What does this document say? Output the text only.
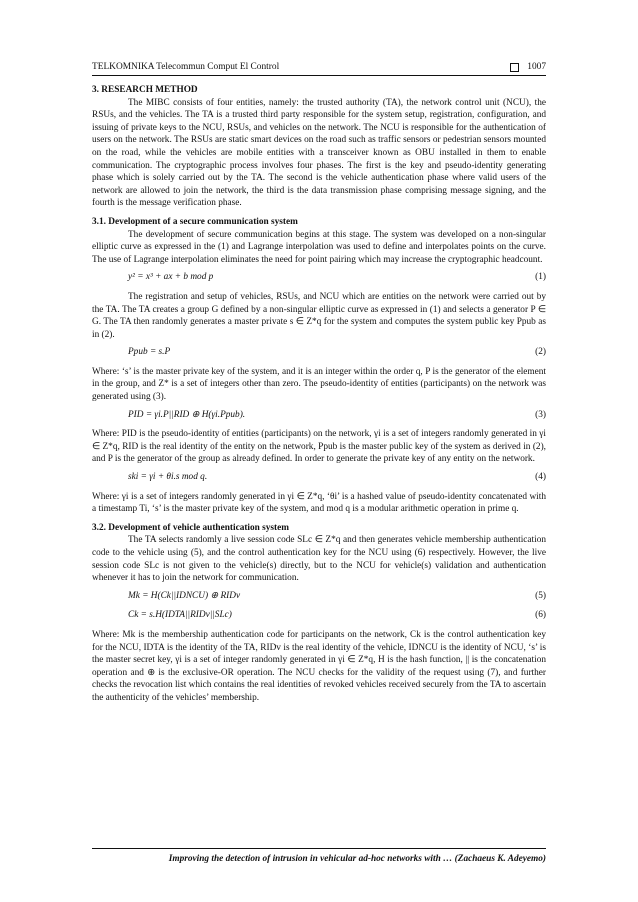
TELKOMNIKA Telecommun Comput El Control	1007

3. RESEARCH METHOD

The MIBC consists of four entities, namely: the trusted authority (TA), the network control unit (NCU), the RSUs, and the vehicles. The TA is a trusted third party responsible for the system setup, registration, configuration, and issuing of private keys to the NCU, RSUs, and vehicles on the network. The NCU is responsible for the authentication of users on the network. The RSUs are static smart devices on the road such as traffic sensors or pedestrian sensors mounted on the road, while the vehicles are mobile entities with a transceiver known as OBU installed in them to enable communication. The cryptographic process involves four phases. The first is the key and pseudo-identity generating phase which is solely carried out by the TA. The second is the vehicle authentication phase where valid users of the network are allowed to join the network, the third is the data transmission phase comprising message signing, and the fourth is the message verification phase.

3.1. Development of a secure communication system

The development of secure communication begins at this stage. The system was developed on a non-singular elliptic curve as expressed in the (1) and Lagrange interpolation was used to define and interpolates points on the curve. The use of Lagrange interpolation eliminates the need for point pairing which may increase the cryptographic headcount.

y² = x³ + ax + b mod p	(1)

The registration and setup of vehicles, RSUs, and NCU which are entities on the network were carried out by the TA. The TA creates a group G defined by a non-singular elliptic curve as expressed in (1) and selects a generator P ∈ G. The TA then randomly generates a master private s ∈ Z*q for the system and computes the system public key Ppub as in (2).

Ppub = s.P	(2)

Where: ‘s’ is the master private key of the system, and it is an integer within the order q, P is the generator of the element in the group, and Z* is a set of integers other than zero. The pseudo-identity of entities (participants) on the network was generated using (3).

PID = γi.P||RID ⊕ H(γi.Ppub).	(3)

Where: PID is the pseudo-identity of entities (participants) on the network, γi is a set of integers randomly generated in γi ∈ Z*q, RID is the real identity of the entity on the network, Ppub is the master public key of the system as derived in (2), and P is the generator of the group as already defined. In order to generate the private key of any entity on the network.

ski = γi + θi.s mod q.	(4)

Where: γi is a set of integers randomly generated in γi ∈ Z*q, ‘θi’ is a hashed value of pseudo-identity concatenated with a timestamp Ti, ‘s’ is the master private key of the system, and mod q is a modular arithmetic operation in prime q.

3.2. Development of vehicle authentication system

The TA selects randomly a live session code SLc ∈ Z*q and then generates vehicle membership authentication code to the vehicle using (5), and the control authentication key for the NCU using (6) respectively. However, the live session code SLc is not given to the vehicle(s) directly, but to the NCU for vehicle(s) validation and authentication whenever it has to join the network for communication.

Mk = H(Ck||IDNCU) ⊕ RIDv	(5)
Ck = s.H(IDTA||RIDv||SLc)	(6)

Where: Mk is the membership authentication code for participants on the network, Ck is the control authentication key for the NCU, IDTA is the identity of the TA, RIDv is the real identity of the vehicle, IDNCU is the identity of NCU, ‘s’ is the master secret key, γi is a set of integer randomly generated in γi ∈ Z*q, H is the hash function, || is the concatenation operation and ⊕ is the exclusive-OR operation. The NCU checks for the validity of the request using (7), and further checks the revocation list which contains the real identities of revoked vehicles received securely from the TA to ascertain the authenticity of the vehicles’ membership.

Improving the detection of intrusion in vehicular ad-hoc networks with … (Zachaeus K. Adeyemo)
